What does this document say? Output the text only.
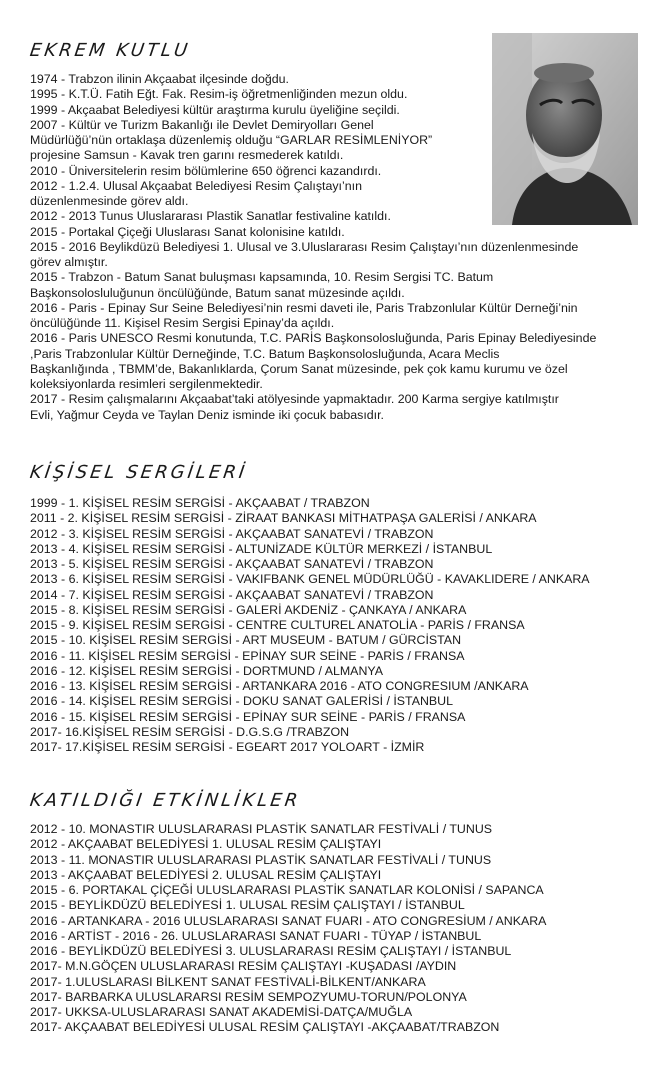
EKREM KUTLU
1974 - Trabzon ilinin Akçaabat ilçesinde doğdu.
1995 - K.T.Ü. Fatih Eğt. Fak. Resim-iş öğretmenliğinden mezun oldu.
1999 - Akçaabat Belediyesi kültür araştırma kurulu üyeliğine seçildi.
2007 - Kültür ve Turizm Bakanlığı ile Devlet Demiryolları Genel
Müdürlüğü’nün ortaklaşa düzenlemiş olduğu “GARLAR RESİMLENİYOR”
projesine Samsun - Kavak tren garını resmederek katıldı.
2010 - Üniversitelerin resim bölümlerine 650 öğrenci kazandırdı.
2012 - 1.2.4. Ulusal Akçaabat Belediyesi Resim Çalıştayı’nın
düzenlenmesinde görev aldı.
2012 - 2013 Tunus Uluslararası Plastik Sanatlar festivaline katıldı.
2015 - Portakal Çiçeği Uluslarası Sanat kolonisine katıldı.
2015 - 2016 Beylikdüzü Belediyesi 1. Ulusal ve 3.Uluslararası Resim Çalıştayı’nın düzenlenmesinde
görev almıştır.
2015 - Trabzon - Batum Sanat buluşması kapsamında, 10. Resim Sergisi TC. Batum
Başkonsolosluluğunun öncülüğünde, Batum sanat müzesinde açıldı.
2016 - Paris - Epinay Sur Seine Belediyesi’nin resmi daveti ile, Paris Trabzonlular Kültür Derneği’nin
öncülüğünde 11. Kişisel Resim Sergisi Epinay’da açıldı.
2016 - Paris UNESCO Resmi konutunda, T.C. PARİS Başkonsolosluğunda, Paris Epinay Belediyesinde
,Paris Trabzonlular Kültür Derneğinde, T.C. Batum Başkonsolosluğunda, Acara Meclis
Başkanlığında , TBMM’de, Bakanlıklarda, Çorum Sanat müzesinde, pek çok kamu kurumu ve özel
koleksiyonlarda resimleri sergilenmektedir.
2017 - Resim çalışmalarını Akçaabat’taki atölyesinde yapmaktadır. 200 Karma sergiye katılmıştır
Evli, Yağmur Ceyda ve Taylan Deniz isminde iki çocuk babasıdır.
KİŞİSEL SERGİLERİ
1999 - 1. KİŞİSEL RESİM SERGİSİ - AKÇAABAT / TRABZON
2011 - 2. KİŞİSEL RESİM SERGİSİ - ZİRAAT BANKASI MİTHATPAŞA GALERİSİ / ANKARA
2012 - 3. KİŞİSEL RESİM SERGİSİ - AKÇAABAT SANATEVİ / TRABZON
2013 - 4. KİŞİSEL RESİM SERGİSİ - ALTUNİZADE KÜLTÜR MERKEZİ / İSTANBUL
2013 - 5. KİŞİSEL RESİM SERGİSİ - AKÇAABAT SANATEVİ / TRABZON
2013 - 6. KİŞİSEL RESİM SERGİSİ - VAKIFBANK GENEL MÜDÜRLÜĞÜ - KAVAKLIDERE / ANKARA
2014 - 7. KİŞİSEL RESİM SERGİSİ - AKÇAABAT SANATEVİ / TRABZON
2015 - 8. KİŞİSEL RESİM SERGİSİ - GALERİ AKDENİZ - ÇANKAYA / ANKARA
2015 - 9. KİŞİSEL RESİM SERGİSİ - CENTRE CULTUREL ANATOLİA - PARİS / FRANSA
2015 - 10. KİŞİSEL RESİM SERGİSİ - ART MUSEUM - BATUM / GÜRCİSTAN
2016 - 11. KİŞİSEL RESİM SERGİSİ - EPİNAY SUR SEİNE - PARİS / FRANSA
2016 - 12. KİŞİSEL RESİM SERGİSİ - DORTMUND / ALMANYA
2016 - 13. KİŞİSEL RESİM SERGİSİ - ARTANKARA 2016 - ATO CONGRESIUM /ANKARA
2016 - 14. KİŞİSEL RESİM SERGİSİ - DOKU SANAT GALERİSİ / İSTANBUL
2016 - 15. KİŞİSEL RESİM SERGİSİ - EPİNAY SUR SEİNE - PARİS / FRANSA
2017- 16.KİŞİSEL RESİM SERGİSİ - D.G.S.G /TRABZON
2017- 17.KİŞİSEL RESİM SERGİSİ - EGEART 2017 YOLOART - İZMİR
KATILDIĞI ETKİNLİKLER
2012 - 10. MONASTIR ULUSLARARASI PLASTİK SANATLAR FESTİVALİ / TUNUS
2012 - AKÇAABAT BELEDİYESİ 1. ULUSAL RESİM ÇALIŞTAYI
2013 - 11. MONASTIR ULUSLARARASI PLASTİK SANATLAR FESTİVALİ / TUNUS
2013 - AKÇAABAT BELEDİYESİ 2. ULUSAL RESİM ÇALIŞTAYI
2015 - 6. PORTAKAL ÇİÇEĞİ ULUSLARARASI PLASTİK SANATLAR KOLONİSİ / SAPANCA
2015 - BEYLİKDÜZÜ BELEDİYESİ 1. ULUSAL RESİM ÇALIŞTAYI / İSTANBUL
2016 - ARTANKARA - 2016 ULUSLARARASI SANAT FUARI - ATO CONGRESİUM / ANKARA
2016 - ARTİST - 2016 - 26. ULUSLARARASI SANAT FUARI - TÜYAP / İSTANBUL
2016 - BEYLİKDÜZÜ BELEDİYESİ 3. ULUSLARARASI RESİM ÇALIŞTAYI / İSTANBUL
2017- M.N.GÖÇEN ULUSLARARASI RESİM ÇALIŞTAYI -KUŞADASI /AYDIN
2017- 1.ULUSLARASI BİLKENT SANAT FESTİVALİ-BİLKENT/ANKARA
2017- BARBARKA ULUSLARARSI RESİM SEMPOZYUMU-TORUN/POLONYA
2017- UKKSA-ULUSLARARASI SANAT AKADEMİSİ-DATÇA/MUĞLA
2017- AKÇAABAT BELEDİYESİ ULUSAL RESİM ÇALIŞTAYI -AKÇAABAT/TRABZON
